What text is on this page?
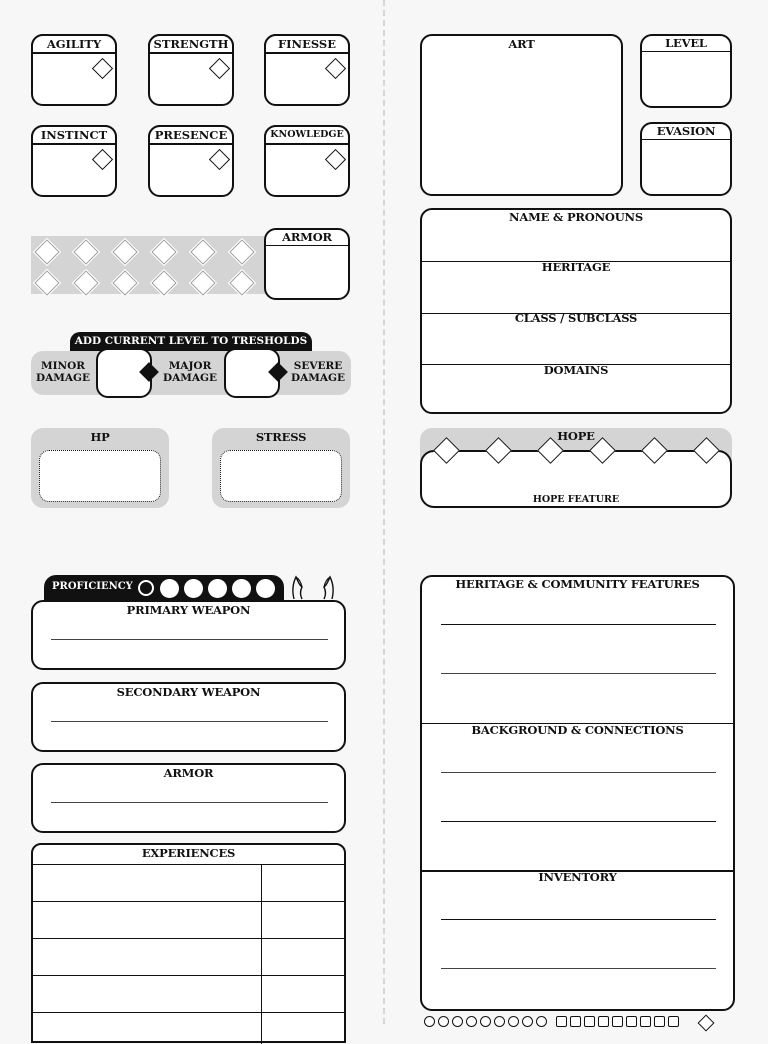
AGILITY	STRENGTH	FINESSE
INSTINCT	PRESENCE	KNOWLEDGE
ARMOR
ADD CURRENT LEVEL TO TRESHOLDS
MINOR
DAMAGE
MAJOR
DAMAGE
SEVERE
DAMAGE
HP	STRESS
PROFICIENCY
PRIMARY WEAPON
SECONDARY WEAPON
ARMOR
EXPERIENCES
ART	LEVEL
EVASION
NAME & PRONOUNS
HERITAGE
CLASS / SUBCLASS
DOMAINS
HOPE FEATURE
HOPE
HERITAGE & COMMUNITY FEATURES
BACKGROUND & CONNECTIONS
INVENTORY
